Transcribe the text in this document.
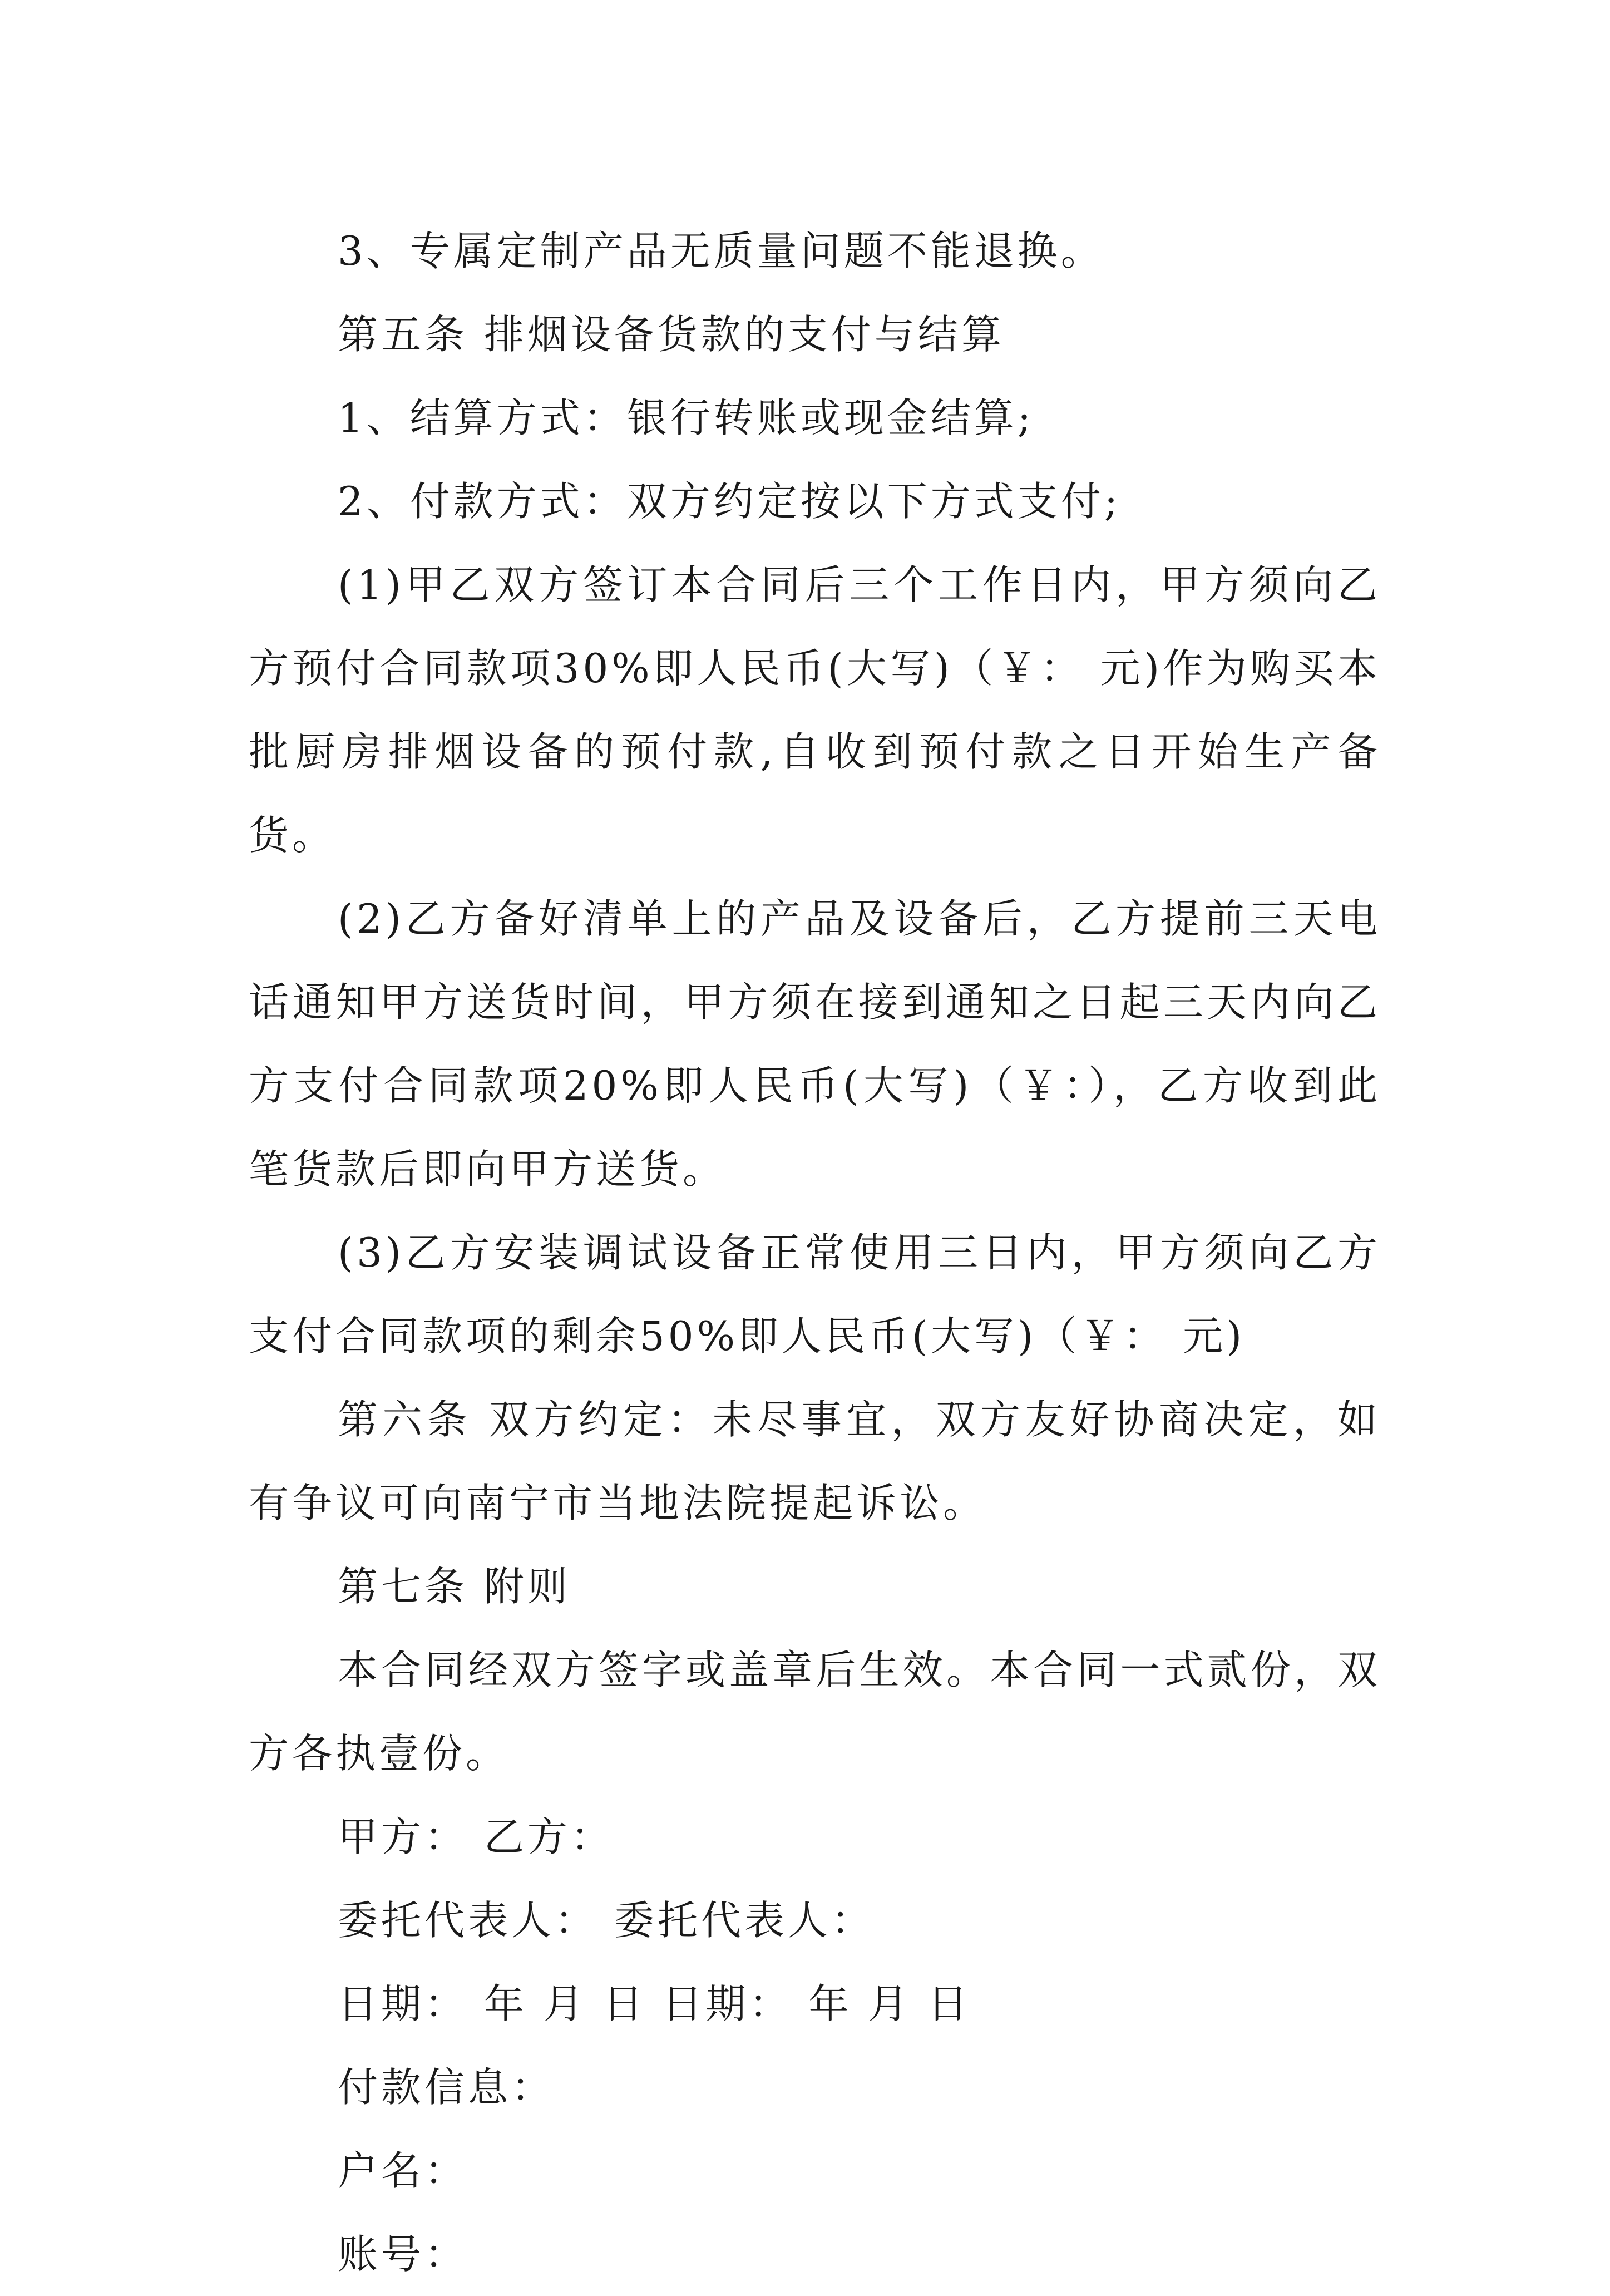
3、专属定制产品无质量问题不能退换。

第五条 排烟设备货款的支付与结算

1、结算方式：银行转账或现金结算;

2、付款方式：双方约定按以下方式支付;

(1)甲乙双方签订本合同后三个工作日内，甲方须向乙方预付合同款项30%即人民币(大写)（￥： 元)作为购买本批厨房排烟设备的预付款,自收到预付款之日开始生产备货。

(2)乙方备好清单上的产品及设备后，乙方提前三天电话通知甲方送货时间，甲方须在接到通知之日起三天内向乙方支付合同款项20%即人民币(大写)（￥：），乙方收到此笔货款后即向甲方送货。

(3)乙方安装调试设备正常使用三日内，甲方须向乙方支付合同款项的剩余50%即人民币(大写)（￥： 元)

第六条 双方约定：未尽事宜，双方友好协商决定，如有争议可向南宁市当地法院提起诉讼。

第七条 附则

本合同经双方签字或盖章后生效。本合同一式贰份，双方各执壹份。

甲方： 乙方：

委托代表人： 委托代表人：

日期： 年 月 日 日期： 年 月 日

付款信息：

户名：

账号：
